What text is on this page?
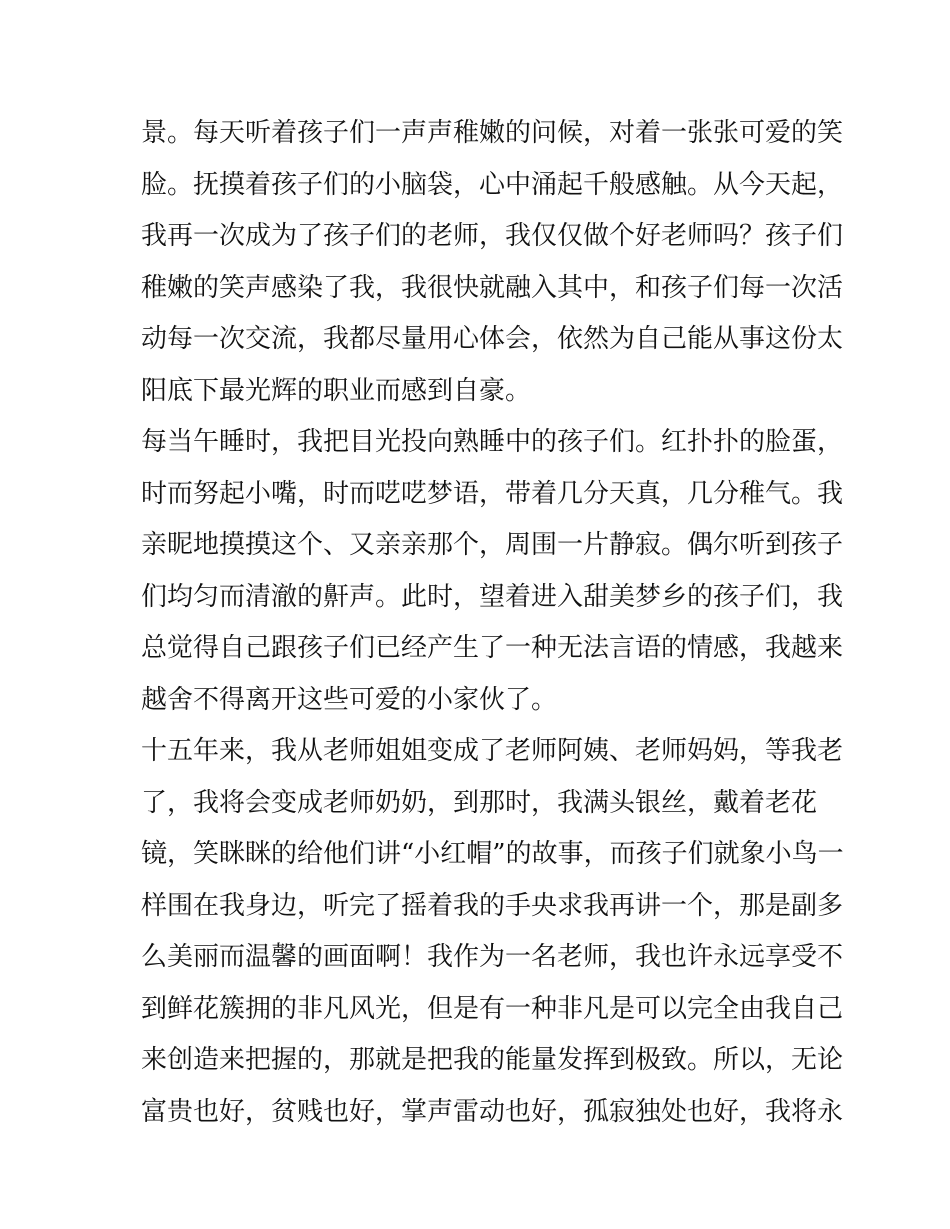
景。每天听着孩子们一声声稚嫩的问候，对着一张张可爱的笑
脸。抚摸着孩子们的小脑袋，心中涌起千般感触。从今天起，
我再一次成为了孩子们的老师，我仅仅做个好老师吗？孩子们
稚嫩的笑声感染了我，我很快就融入其中，和孩子们每一次活
动每一次交流，我都尽量用心体会，依然为自己能从事这份太
阳底下最光辉的职业而感到自豪。
每当午睡时，我把目光投向熟睡中的孩子们。红扑扑的脸蛋，
时而努起小嘴，时而呓呓梦语，带着几分天真，几分稚气。我
亲昵地摸摸这个、又亲亲那个，周围一片静寂。偶尔听到孩子
们均匀而清澈的鼾声。此时，望着进入甜美梦乡的孩子们，我
总觉得自己跟孩子们已经产生了一种无法言语的情感，我越来
越舍不得离开这些可爱的小家伙了。
十五年来，我从老师姐姐变成了老师阿姨、老师妈妈，等我老
了，我将会变成老师奶奶，到那时，我满头银丝，戴着老花
镜，笑眯眯的给他们讲“小红帽”的故事，而孩子们就象小鸟一
样围在我身边，听完了摇着我的手央求我再讲一个，那是副多
么美丽而温馨的画面啊！我作为一名老师，我也许永远享受不
到鲜花簇拥的非凡风光，但是有一种非凡是可以完全由我自己
来创造来把握的，那就是把我的能量发挥到极致。所以，无论
富贵也好，贫贱也好，掌声雷动也好，孤寂独处也好，我将永
